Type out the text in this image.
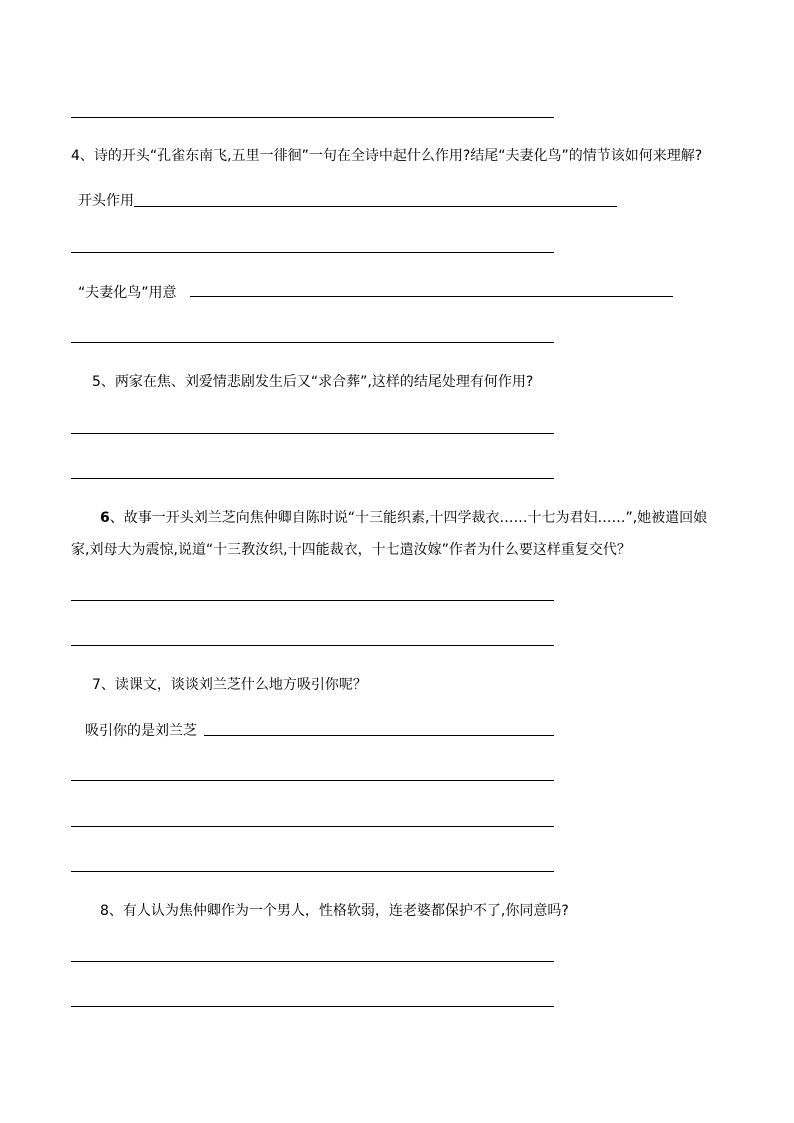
4、诗的开头“孔雀东南飞,五里一徘徊”一句在全诗中起什么作用?结尾“夫妻化鸟”的情节该如何来理解?
开头作用
“夫妻化鸟”用意
5、两家在焦、刘爱情悲剧发生后又“求合葬”,这样的结尾处理有何作用?
6、故事一开头刘兰芝向焦仲卿自陈时说“十三能织素,十四学裁衣……十七为君妇……”,她被遣回娘
家,刘母大为震惊,说道“十三教汝织,十四能裁衣，十七遣汝嫁”作者为什么要这样重复交代？
7、读课文，谈谈刘兰芝什么地方吸引你呢？
吸引你的是刘兰芝
8、有人认为焦仲卿作为一个男人，性格软弱，连老婆都保护不了,你同意吗?
